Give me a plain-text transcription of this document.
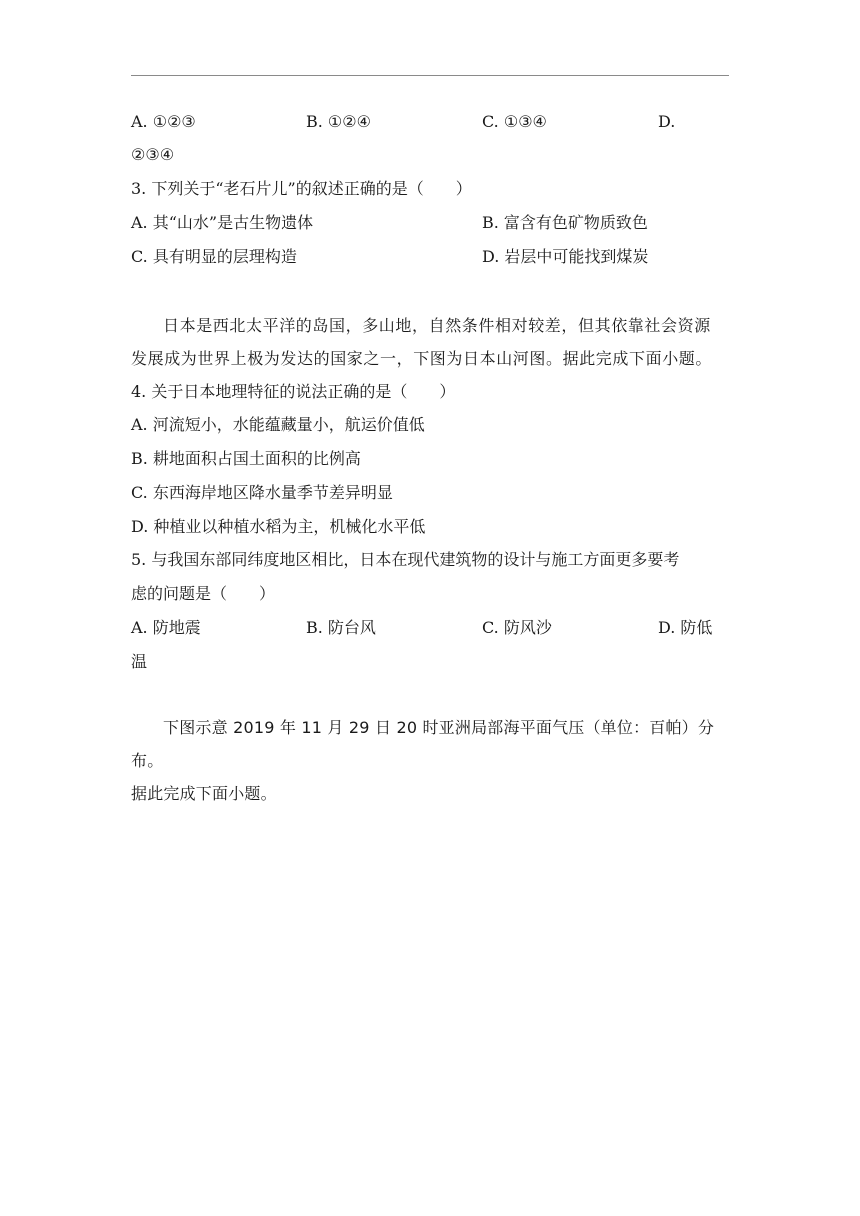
A. ①②③	B. ①②④	C. ①③④	D.
②③④
3. 下列关于“老石片儿”的叙述正确的是（　　）
A. 其“山水”是古生物遗体	B. 富含有色矿物质致色
C. 具有明显的层理构造	D. 岩层中可能找到煤炭
日本是西北太平洋的岛国，多山地，自然条件相对较差，但其依靠社会资源
发展成为世界上极为发达的国家之一，下图为日本山河图。据此完成下面小题。
4. 关于日本地理特征的说法正确的是（　　）
A. 河流短小，水能蕴藏量小，航运价值低
B. 耕地面积占国土面积的比例高
C. 东西海岸地区降水量季节差异明显
D. 种植业以种植水稻为主，机械化水平低
5. 与我国东部同纬度地区相比，日本在现代建筑物的设计与施工方面更多要考
虑的问题是（　　）
A. 防地震	B. 防台风	C. 防风沙	D. 防低
温
下图示意 2019 年 11 月 29 日 20 时亚洲局部海平面气压（单位：百帕）分布。
据此完成下面小题。
